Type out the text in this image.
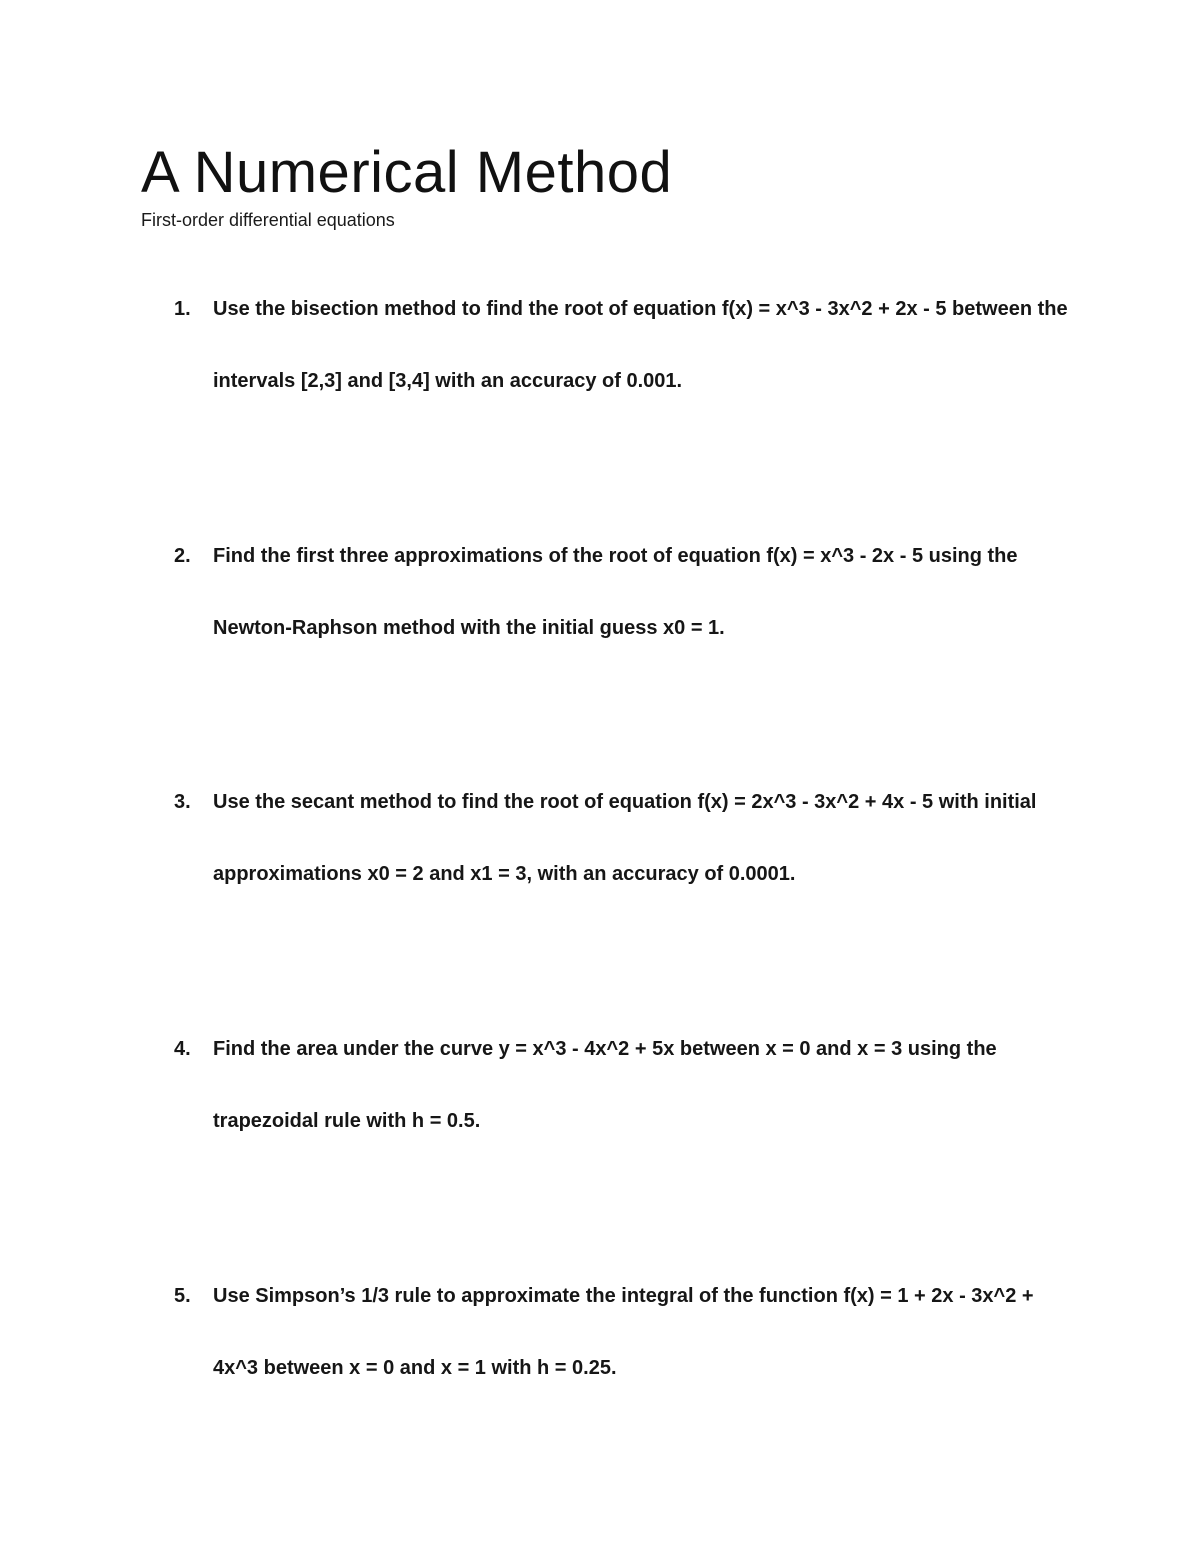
A Numerical Method

First-order differential equations

1. Use the bisection method to find the root of equation f(x) = x^3 - 3x^2 + 2x - 5 between the intervals [2,3] and [3,4] with an accuracy of 0.001.
2. Find the first three approximations of the root of equation f(x) = x^3 - 2x - 5 using the Newton-Raphson method with the initial guess x0 = 1.
3. Use the secant method to find the root of equation f(x) = 2x^3 - 3x^2 + 4x - 5 with initial approximations x0 = 2 and x1 = 3, with an accuracy of 0.0001.
4. Find the area under the curve y = x^3 - 4x^2 + 5x between x = 0 and x = 3 using the trapezoidal rule with h = 0.5.
5. Use Simpson’s 1/3 rule to approximate the integral of the function f(x) = 1 + 2x - 3x^2 + 4x^3 between x = 0 and x = 1 with h = 0.25.
